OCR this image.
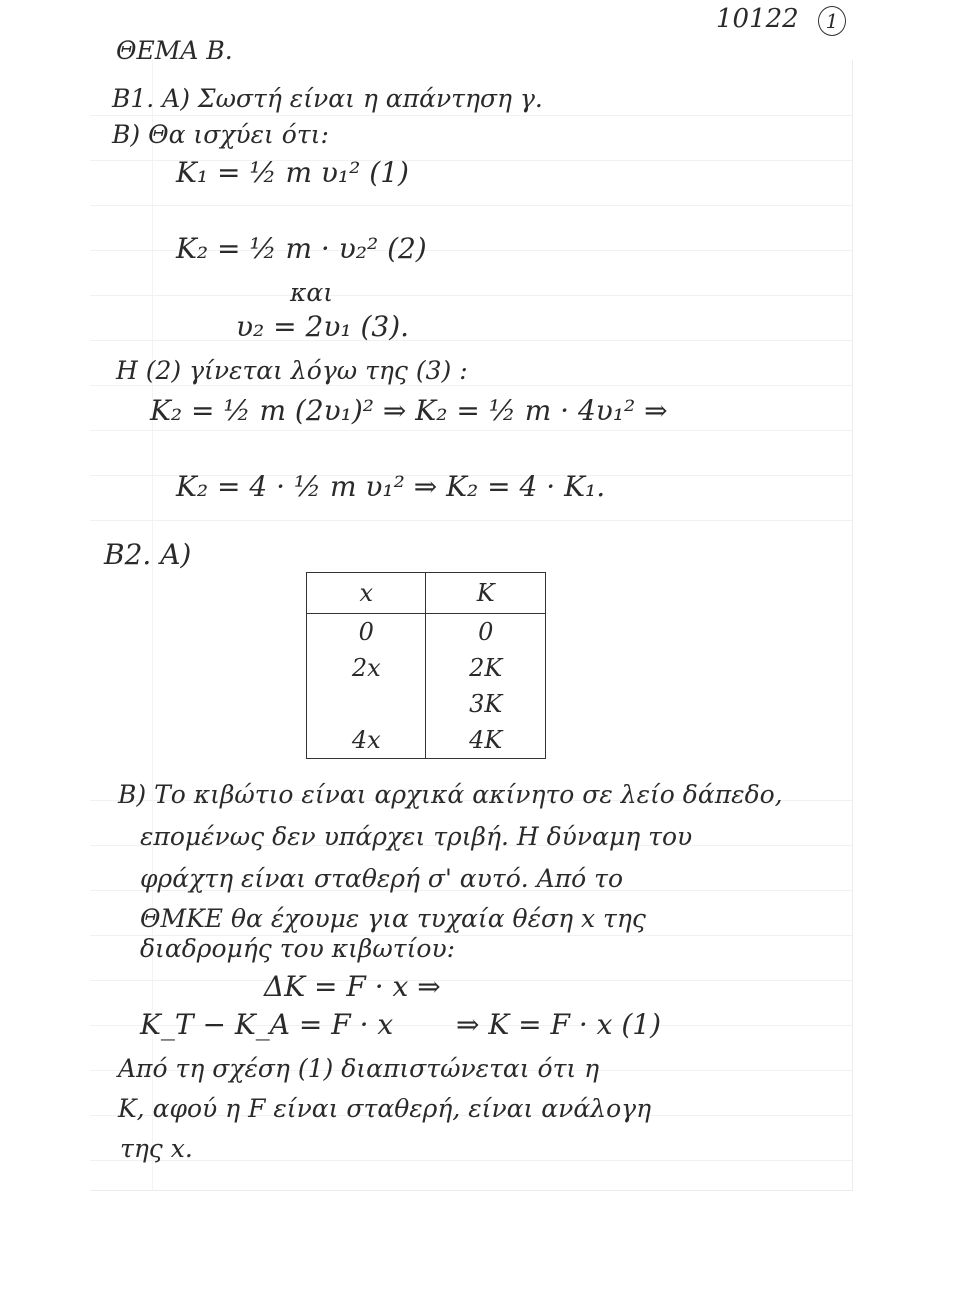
10122	1
ΘΕΜΑ Β.
Β1. Α) Σωστή είναι η απάντηση γ.
Β) Θα ισχύει ότι:
K₁ = ½ m υ₁² (1)
K₂ = ½ m · υ₂² (2)
και
υ₂ = 2υ₁ (3).
Η (2) γίνεται λόγω της (3) :
K₂ = ½ m (2υ₁)² ⇒ K₂ = ½ m · 4υ₁² ⇒
K₂ = 4 · ½ m υ₁² ⇒ K₂ = 4 · K₁.
Β2. Α)
x	K
0	0
2x	2K
	3K
4x	4K
Β) Το κιβώτιο είναι αρχικά ακίνητο σε λείο δάπεδο,
επομένως δεν υπάρχει τριβή. Η δύναμη του
φράχτη είναι σταθερή σ' αυτό. Από το
ΘΜΚΕ θα έχουμε για τυχαία θέση x της
διαδρομής του κιβωτίου:
ΔK = F · x ⇒
K_T − K_A = F · x ⇒ K = F · x (1)
Από τη σχέση (1) διαπιστώνεται ότι η
K, αφού η F είναι σταθερή, είναι ανάλογη
της x.
